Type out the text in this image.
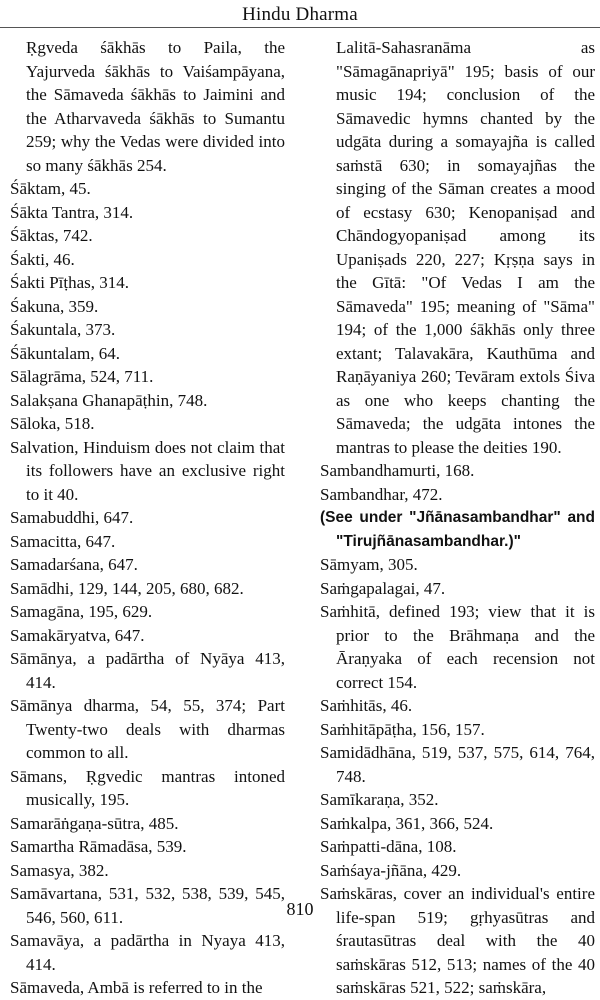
Hindu Dharma
Ṛgveda śākhās to Paila, the Yajurveda śākhās to Vaiśampāyana, the Sāmaveda śākhās to Jaimini and the Atharvaveda śākhās to Sumantu 259; why the Vedas were divided into so many śākhās 254.
Śāktam, 45.
Śākta Tantra, 314.
Śāktas, 742.
Śakti, 46.
Śakti Pīṭhas, 314.
Śakuna, 359.
Śakuntala, 373.
Śākuntalam, 64.
Sālagrāma, 524, 711.
Salakṣana Ghanapāṭhin, 748.
Sāloka, 518.
Salvation, Hinduism does not claim that its followers have an exclusive right to it 40.
Samabuddhi, 647.
Samacitta, 647.
Samadarśana, 647.
Samādhi, 129, 144, 205, 680, 682.
Samagāna, 195, 629.
Samakāryatva, 647.
Sāmānya, a padārtha of Nyāya 413, 414.
Sāmānya dharma, 54, 55, 374; Part Twenty-two deals with dharmas common to all.
Sāmans, Ṛgvedic mantras intoned musically, 195.
Samarāṅgaṇa-sūtra, 485.
Samartha Rāmadāsa, 539.
Samasya, 382.
Samāvartana, 531, 532, 538, 539, 545, 546, 560, 611.
Samavāya, a padārtha in Nyaya 413, 414.
Sāmaveda, Ambā is referred to in the
Lalitā-Sahasranāma as "Sāmagānapriyā" 195; basis of our music 194; conclusion of the Sāmavedic hymns chanted by the udgāta during a somayajña is called saṁstā 630; in somayajñas the singing of the Sāman creates a mood of ecstasy 630; Kenopaniṣad and Chāndogyopaniṣad among its Upaniṣads 220, 227; Kṛṣṇa says in the Gītā: "Of Vedas I am the Sāmaveda" 195; meaning of "Sāma" 194; of the 1,000 śākhās only three extant; Talavakāra, Kauthūma and Raṇāyaniya 260; Tevāram extols Śiva as one who keeps chanting the Sāmaveda; the udgāta intones the mantras to please the deities 190.
Sambandhamurti, 168.
Sambandhar, 472.
(See under "Jñānasambandhar" and "Tirujñānasambandhar.)"
Sāmyam, 305.
Saṁgapalagai, 47.
Saṁhitā, defined 193; view that it is prior to the Brāhmaṇa and the Āraṇyaka of each recension not correct 154.
Saṁhitās, 46.
Saṁhitāpāṭha, 156, 157.
Samidādhāna, 519, 537, 575, 614, 764, 748.
Samīkaraṇa, 352.
Saṁkalpa, 361, 366, 524.
Saṁpatti-dāna, 108.
Saṁśaya-jñāna, 429.
Saṁskāras, cover an individual's entire life-span 519; gṛhyasūtras and śrautasūtras deal with the 40 saṁskāras 512, 513; names of the 40 saṁskāras 521, 522; saṁskāra,
810
